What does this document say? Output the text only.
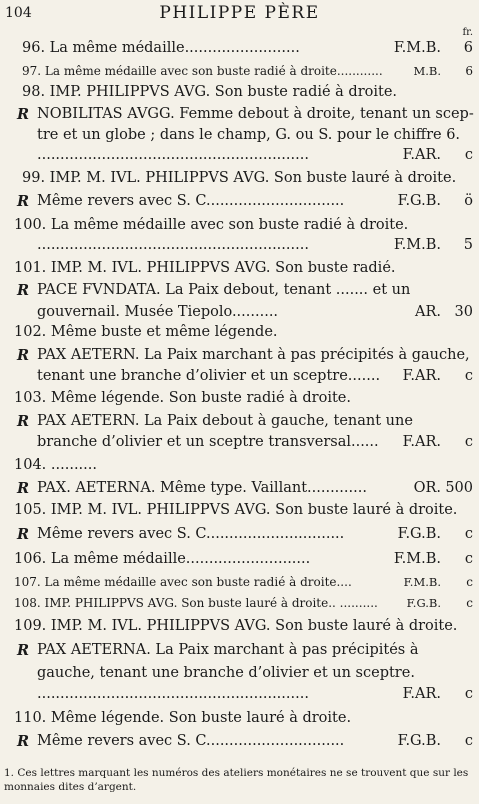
104	PHILIPPE PÈRE
fr.
96. La même médaille.........................	F.M.B. 6
97. La même médaille avec son buste radié à droite............	M.B. 6
98. IMP. PHILIPPVS AVG. Son buste radié à droite.
R NOBILITAS AVGG. Femme debout à droite, tenant un scep-
tre et un globe ; dans le champ, G. ou S. pour le chiffre 6.
...........................................................	F.AR. c
99. IMP. M. IVL. PHILIPPVS AVG. Son buste lauré à droite.
R Même revers avec S. C..............................	F.G.B. ö
100. La même médaille avec son buste radié à droite.
...........................................................	F.M.B. 5
101. IMP. M. IVL. PHILIPPVS AVG. Son buste radié.
R PACE FVNDATA. La Paix debout, tenant ....... et un
gouvernail. Musée Tiepolo..........	AR. 30
102. Même buste et même légende.
R PAX AETERN. La Paix marchant à pas précipités à gauche,
tenant une branche d’olivier et un sceptre....... F.AR. c
103. Même légende. Son buste radié à droite.
R PAX AETERN. La Paix debout à gauche, tenant une
branche d’olivier et un sceptre transversal...... F.AR. c
104. ..........
R PAX. AETERNA. Même type. Vaillant.............	OR. 500
105. IMP. M. IVL. PHILIPPVS AVG. Son buste lauré à droite.
R Même revers avec S. C..............................	F.G.B. c
106. La même médaille...........................	F.M.B. c
107. La même médaille avec son buste radié à droite....	F.M.B. c
108. IMP. PHILIPPVS AVG. Son buste lauré à droite.. ..........	F.G.B. c
109. IMP. M. IVL. PHILIPPVS AVG. Son buste lauré à droite.
R PAX AETERNA. La Paix marchant à pas précipités à
gauche, tenant une branche d’olivier et un sceptre.
...........................................................	F.AR. c
110. Même légende. Son buste lauré à droite.
R Même revers avec S. C..............................	F.G.B. c
1. Ces lettres marquant les numéros des ateliers monétaires ne se trouvent que sur les monnaies dites d’argent.
